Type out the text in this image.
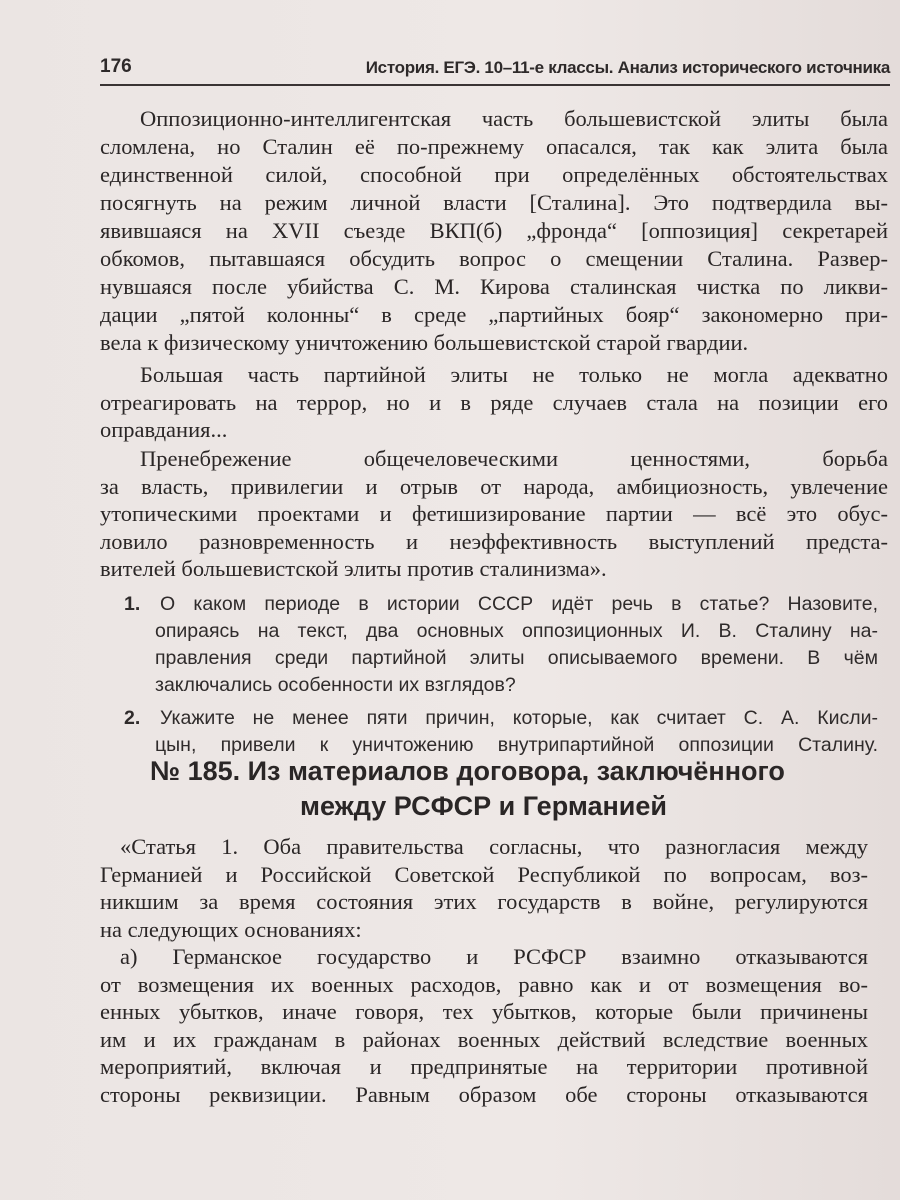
176	История. ЕГЭ. 10–11-е классы. Анализ исторического источника
Оппозиционно-интеллигентская часть большевистской элиты была
сломлена, но Сталин её по-прежнему опасался, так как элита была
единственной силой, способной при определённых обстоятельствах
посягнуть на режим личной власти [Сталина]. Это подтвердила вы-
явившаяся на XVII съезде ВКП(б) „фронда“ [оппозиция] секретарей
обкомов, пытавшаяся обсудить вопрос о смещении Сталина. Развер-
нувшаяся после убийства С. М. Кирова сталинская чистка по ликви-
дации „пятой колонны“ в среде „партийных бояр“ закономерно при-
вела к физическому уничтожению большевистской старой гвардии.
Большая часть партийной элиты не только не могла адекватно
отреагировать на террор, но и в ряде случаев стала на позиции его
оправдания...
Пренебрежение общечеловеческими ценностями, борьба
за власть, привилегии и отрыв от народа, амбициозность, увлечение
утопическими проектами и фетишизирование партии — всё это обус-
ловило разновременность и неэффективность выступлений предста-
вителей большевистской элиты против сталинизма».
1. О каком периоде в истории СССР идёт речь в статье? Назовите,
опираясь на текст, два основных оппозиционных И. В. Сталину на-
правления среди партийной элиты описываемого времени. В чём
заключались особенности их взглядов?
2. Укажите не менее пяти причин, которые, как считает С. А. Кисли-
цын, привели к уничтожению внутрипартийной оппозиции Сталину.
«Статья 1. Оба правительства согласны, что разногласия между
Германией и Российской Советской Республикой по вопросам, воз-
никшим за время состояния этих государств в войне, регулируются
на следующих основаниях:
а) Германское государство и РСФСР взаимно отказываются
от возмещения их военных расходов, равно как и от возмещения во-
енных убытков, иначе говоря, тех убытков, которые были причинены
им и их гражданам в районах военных действий вследствие военных
мероприятий, включая и предпринятые на территории противной
стороны реквизиции. Равным образом обе стороны отказываются
№ 185. Из материалов договора, заключённого
между РСФСР и Германией
